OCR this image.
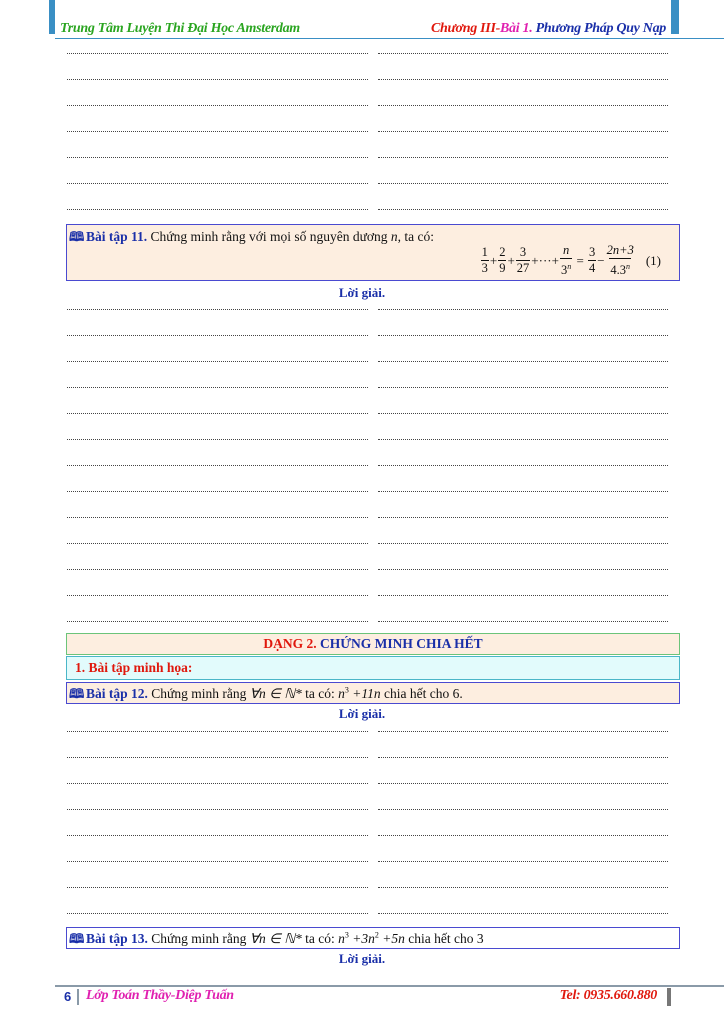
Trung Tâm Luyện Thi Đại Học Amsterdam	Chương III-Bài 1. Phương Pháp Quy Nạp
🕮 Bài tập 11. Chứng minh rằng với mọi số nguyên dương n, ta có:
$\frac{1}{3} + \frac{2}{9} + \frac{3}{27}$ +···+ $\frac{n}{3^n} = \frac{3}{4} - \frac{2n+3}{4.3^n} (1)$
Lời giải.
DẠNG 2. CHỨNG MINH CHIA HẾT
1. Bài tập minh họa:
🕮 Bài tập 12. Chứng minh rằng ∀n ∈ ℕ* ta có: $n^3 +11n$ chia hết cho 6.
Lời giải.
🕮 Bài tập 13. Chứng minh rằng ∀n ∈ ℕ* ta có: $n^3 +3n^2 +5n$ chia hết cho 3
Lời giải.
6 Lớp Toán Thầy-Diệp Tuấn	Tel: 0935.660.880
